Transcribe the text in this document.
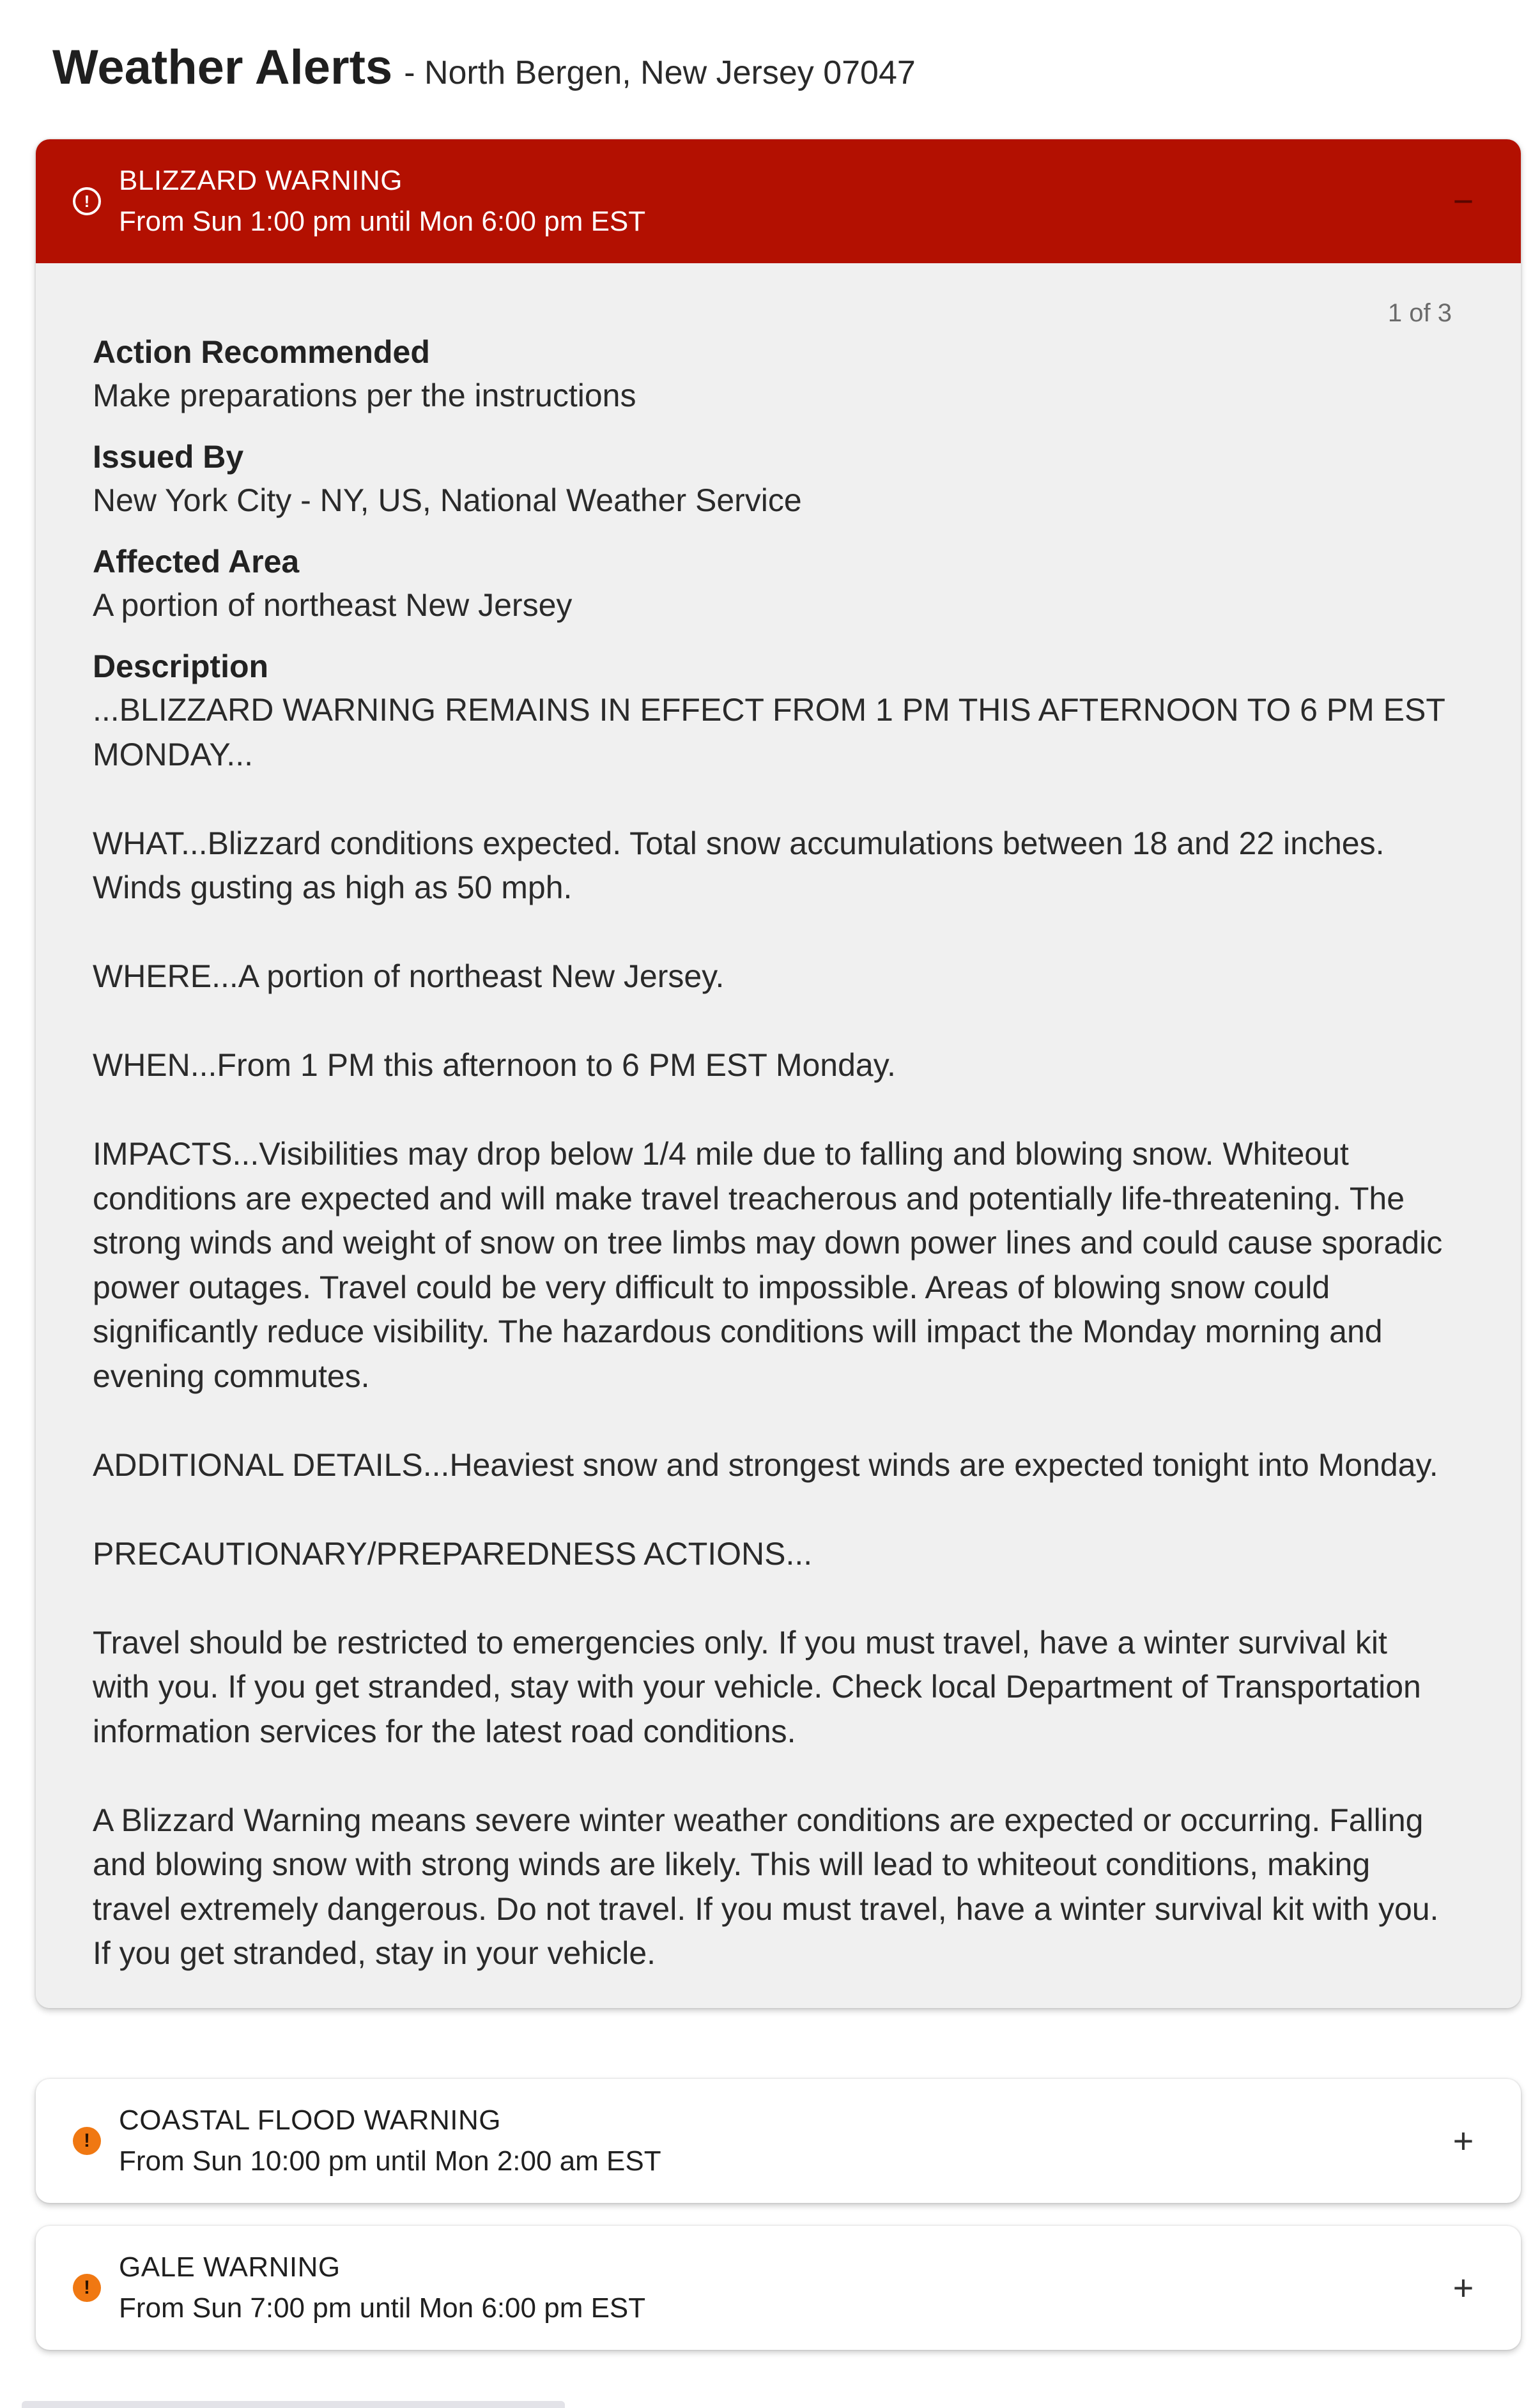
Weather Alerts - North Bergen, New Jersey 07047
!
BLIZZARD WARNING
From Sun 1:00 pm until Mon 6:00 pm EST
−
1 of 3
Action Recommended
Make preparations per the instructions
Issued By
New York City - NY, US, National Weather Service
Affected Area
A portion of northeast New Jersey
Description

...BLIZZARD WARNING REMAINS IN EFFECT FROM 1 PM THIS AFTERNOON TO 6 PM EST MONDAY...

WHAT...Blizzard conditions expected. Total snow accumulations between 18 and 22 inches. Winds gusting as high as 50 mph.

WHERE...A portion of northeast New Jersey.

WHEN...From 1 PM this afternoon to 6 PM EST Monday.

IMPACTS...Visibilities may drop below 1/4 mile due to falling and blowing snow. Whiteout conditions are expected and will make travel treacherous and potentially life-threatening. The strong winds and weight of snow on tree limbs may down power lines and could cause sporadic power outages. Travel could be very difficult to impossible. Areas of blowing snow could significantly reduce visibility. The hazardous conditions will impact the Monday morning and evening commutes.

ADDITIONAL DETAILS...Heaviest snow and strongest winds are expected tonight into Monday.

PRECAUTIONARY/PREPAREDNESS ACTIONS...

Travel should be restricted to emergencies only. If you must travel, have a winter survival kit with you. If you get stranded, stay with your vehicle. Check local Department of Transportation information services for the latest road conditions.

A Blizzard Warning means severe winter weather conditions are expected or occurring. Falling and blowing snow with strong winds are likely. This will lead to whiteout conditions, making travel extremely dangerous. Do not travel. If you must travel, have a winter survival kit with you. If you get stranded, stay in your vehicle.

!
COASTAL FLOOD WARNING
From Sun 10:00 pm until Mon 2:00 am EST
+
!
GALE WARNING
From Sun 7:00 pm until Mon 6:00 pm EST
+
